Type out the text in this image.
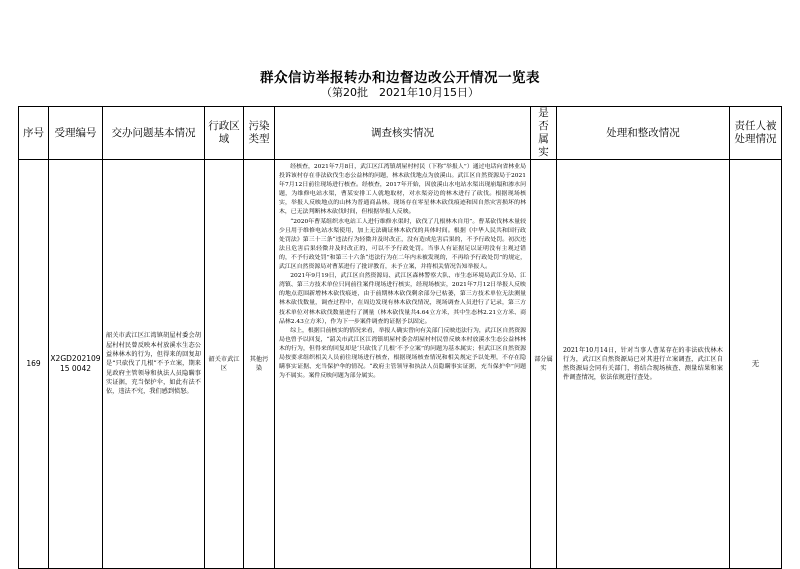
群众信访举报转办和边督边改公开情况一览表
（第20批　2021年10月15日）
序号	受理编号	交办问题基本情况	行政区域	污染类型	调查核实情况	是否属实	处理和整改情况	责任人被处理情况
169	X2GD20210915 0042	韶关市武江区江湾镇胡屋村委会胡屋村村民曾反映本村放溪水生态公益林林木的行为，但得来的回复却是“只砍伐了几根”不予立案，期来见政府主管领导和执法人员隐瞒事实证据，充当保护伞，如此有法不依，违法不究，我们感到愤怒。	韶关市武江区	其他污染	经核查，2021年7月8日，武江区江湾镇胡屋村村民（下称“举报人”）通过电话向省林业局投诉该村存在非法砍伐生态公益林的问题，林木砍伐地点为放溪山。武江区自然资源局于2021年7月12日前往现场进行核查。经核查，2017年开始，因放溪山水电站水渠出现崩塌和渗水问题，为维修电站水渠，曹某安排工人就地取材，对水渠旁边的林木进行了砍伐。根据现场核实，举报人反映地点的山林为普通商品林。现场存在零星林木砍伐痕迹和因自然灾害损坏的林木，已无法判断林木砍伐时间，但根据举报人反映。

“2020年曹某组织水电站工人进行维修水渠时，砍伐了几根林木自用”。曹某砍伐林木量较少且用于维修电站水渠使用，加上无法确证林木砍伐的具体时间。根据《中华人民共和国行政处罚法》第三十三条“违法行为轻微并及时改正，没有造成危害后果的，不予行政处罚。初次违法且危害后果轻微并及时改正的，可以不予行政处罚。当事人有证据足以证明没有主观过错的，不予行政处罚”和第三十六条“违法行为在二年内未被发现的，不再给予行政处罚”的规定，武江区自然资源局对曹某进行了批评教育，未予立案，并将相关情况告知举报人。

2021年9月19日，武江区自然资源局、武江区森林警察大队、市生态环境局武江分局、江湾镇、第三方技术单位只同前往案件现场进行核实，经现场核实，2021年7月12日举报人反映的地点范围新增林木砍伐痕迹，由于前期林木砍伐剩余部分已枯萎，第三方技术单位无法测量林木砍伐数量，调查过程中，在周边发现有林木砍伐情况，现场调查人员进行了记录，第三方技术单位对林木砍伐数量进行了测量（林木砍伐量共4.64立方米，其中生态林2.21立方米、商品林2.43立方米），作为下一步案件调查的证据予以固定。

综上，根据目前核实的情况来看，举报人确实曾向有关部门反映违法行为，武江区自然资源局也曾予以回复，“韶关市武江区江湾镇胡屋村委会胡屋村村民曾反映本村放溪水生态公益林林木的行为，但得来的回复却是‘只砍伐了几根’不予立案”的问题为基本属实；但武江区自然资源局按要求组织相关人员前往现场进行核查，根据现场核查情况和相关规定予以处理，不存在隐瞒事实证据、充当保护伞的情况。“政府主管领导和执法人员隐瞒事实证据，充当保护伞”问题为不属实。案件反映问题为部分属实。	部分属实	2021年10月14日，针对当事人曹某存在的非法砍伐林木行为，武江区自然资源局已对其进行立案调查，武江区自然资源局会同有关部门，将结合现场核查、测量结果和案件调查情况，依法依规进行查处。	无
